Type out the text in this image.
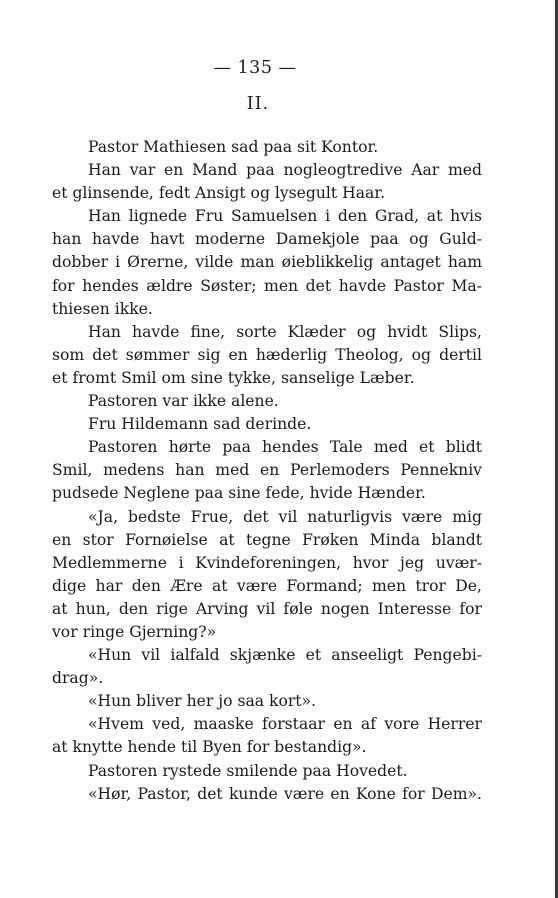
— 135 —
II.
Pastor Mathiesen sad paa sit Kontor.
Han var en Mand paa nogleogtredive Aar med
et glinsende, fedt Ansigt og lysegult Haar.
Han lignede Fru Samuelsen i den Grad, at hvis
han havde havt moderne Damekjole paa og Guld-
dobber i Ørerne, vilde man øieblikkelig antaget ham
for hendes ældre Søster; men det havde Pastor Ma-
thiesen ikke.
Han havde fine, sorte Klæder og hvidt Slips,
som det sømmer sig en hæderlig Theolog, og dertil
et fromt Smil om sine tykke, sanselige Læber.
Pastoren var ikke alene.
Fru Hildemann sad derinde.
Pastoren hørte paa hendes Tale med et blidt
Smil, medens han med en Perlemoders Pennekniv
pudsede Neglene paa sine fede, hvide Hænder.
«Ja, bedste Frue, det vil naturligvis være mig
en stor Fornøielse at tegne Frøken Minda blandt
Medlemmerne i Kvindeforeningen, hvor jeg uvær-
dige har den Ære at være Formand; men tror De,
at hun, den rige Arving vil føle nogen Interesse for
vor ringe Gjerning?»
«Hun vil ialfald skjænke et anseeligt Pengebi-
drag».
«Hun bliver her jo saa kort».
«Hvem ved, maaske forstaar en af vore Herrer
at knytte hende til Byen for bestandig».
Pastoren rystede smilende paa Hovedet.
«Hør, Pastor, det kunde være en Kone for Dem».
